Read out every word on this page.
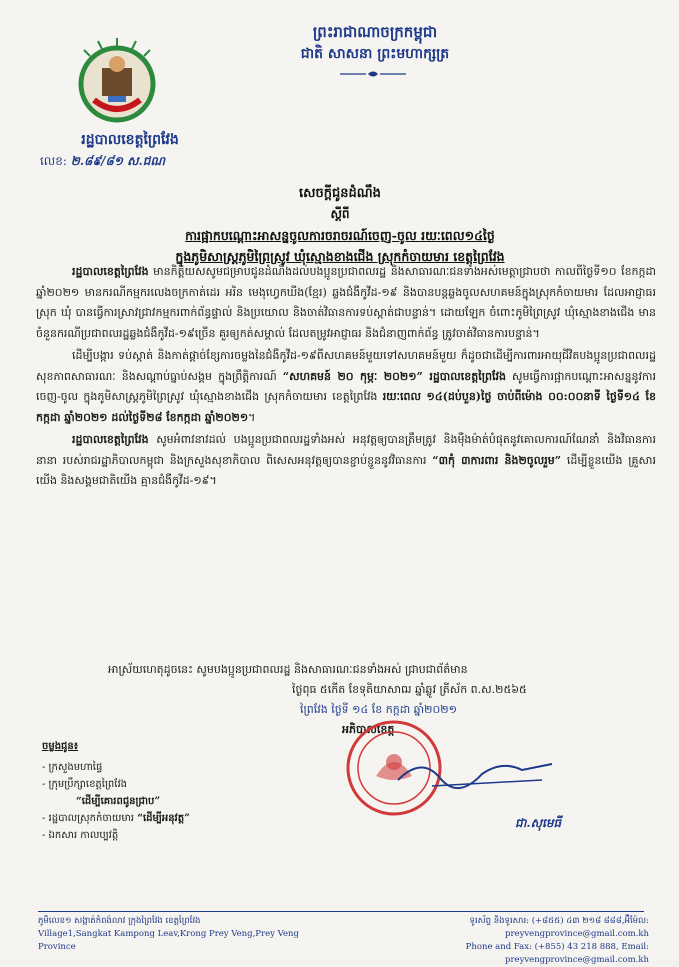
ព្រះរាជាណាចក្រកម្ពុជា
ជាតិ សាសនា ព្រះមហាក្សត្រ
រដ្ឋបាលខេត្តព្រៃវែង
លេខ: ២.៨៩/៨១ ស.ជណ
សេចក្ដីជូនដំណឹង
ស្ដីពី
ការផ្អាកបណ្ដោះអាសន្នចូលការចរាចរណ៍ចេញ-ចូល រយៈពេល១៤ថ្ងៃ
ក្នុងភូមិសាស្ត្រភូមិព្រៃស្រូវ ឃុំស្មោងខាងជើង ស្រុកកំចាយមារ ខេត្តព្រៃវែង

រដ្ឋបាលខេត្តព្រៃវែង មានកិត្តិយសសូមជម្រាបជូនដំណឹងដល់បងប្អូនប្រជាពលរដ្ឋ និងសាធារណៈជនទាំងអស់មេត្តាជ្រាបថា កាលពីថ្ងៃទី១០ ខែកក្កដា ឆ្នាំ២០២១ មានករណីកម្មករលេងចក្រកាត់ដេរ អរិន មេងុហ្វេកឃីង(ខ្មែរ) ឆ្លងជំងឺកូវីដ-១៩ និងបានបន្តឆ្លងចូលសហគមន៍ក្នុងស្រុកកំចាយមារ ដែលអាជ្ញាធរស្រុក ឃុំ បានធ្វើការស្រាវជ្រាវកម្មករពាក់ព័ន្ធផ្ទាល់ និងប្រយោល និងចាត់វិធានការទប់ស្កាត់ជាបន្ទាន់។ ដោយឡែក ចំពោះភូមិព្រៃស្រូវ ឃុំស្មោងខាងជើង មានចំនួនករណីប្រជាពលរដ្ឋឆ្លងជំងឺកូវីដ-១៩ច្រើន គួរឲ្យកត់សម្គាល់ ដែលតម្រូវអាជ្ញាធរ និងជំនាញពាក់ព័ន្ធ ត្រូវចាត់វិធានការបន្ទាន់។

ដើម្បីបង្ការ ទប់ស្កាត់ និងកាត់ផ្ដាច់ខ្សែការចម្លងនៃជំងឺកូវីដ-១៩ពីសហគមន៍មួយទៅសហគមន៍មួយ ក៏ដូចជាដើម្បីការពារអាយុជីវិតបងប្អូនប្រជាពលរដ្ឋ សុខភាពសាធារណៈ និងសណ្ដាប់ធ្នាប់សង្គម ក្នុងព្រឹត្តិការណ៍ “សហគមន៍ ២០ កុម្ភៈ ២០២១” រដ្ឋបាលខេត្តព្រៃវែង សូមធ្វើការផ្អាកបណ្ដោះអាសន្ននូវការចេញ-ចូល ក្នុងភូមិសាស្ត្រភូមិព្រៃស្រូវ ឃុំស្មោងខាងជើង ស្រុកកំចាយមារ ខេត្តព្រៃវែង រយៈពេល ១៤(ដប់បួន)ថ្ងៃ ចាប់ពីម៉ោង ០០:០០នាទី ថ្ងៃទី១៤ ខែកក្កដា ឆ្នាំ២០២១ ដល់ថ្ងៃទី២៨ ខែកក្កដា ឆ្នាំ២០២១។

រដ្ឋបាលខេត្តព្រៃវែង សូមអំពាវនាវដល់ បងប្អូនប្រជាពលរដ្ឋទាំងអស់ អនុវត្តឲ្យបានត្រឹមត្រូវ និងម៉ឺងម៉ាត់បំផុតនូវគោលការណ៍ណែនាំ និងវិធានការនានា របស់រាជរដ្ឋាភិបាលកម្ពុជា និងក្រសួងសុខាភិបាល ពិសេសអនុវត្តឲ្យបានខ្ជាប់ខ្ជួននូវវិធានការ “៣កុំ ៣ការពារ និង២ចូលរួម” ដើម្បីខ្លួនយើង គ្រួសារយើង និងសង្គមជាតិយើង គ្មានជំងឺកូវីដ-១៩។

អាស្រ័យហេតុដូចនេះ សូមបងប្អូនប្រជាពលរដ្ឋ និងសាធារណៈជនទាំងអស់ ជ្រាបជាព័ត៌មាន
ថ្ងៃពុធ ៥កើត ខែទុតិយាសាឍ ឆ្នាំឆ្លូវ ត្រីស័ក ព.ស.២៥៦៥
ព្រៃវែង ថ្ងៃទី ១៤ ខែ កក្កដា ឆ្នាំ២០២១
អភិបាលខេត្ត
ជា.សុមេធី
ចម្លងជូន៖
- ក្រសួងមហាផ្ទៃ
- ក្រុមប្រឹក្សាខេត្តព្រៃវែង
“ដើម្បីគោរពជូនជ្រាប”
- រដ្ឋបាលស្រុកកំចាយមារ “ដើម្បីអនុវត្ត”
- ឯកសារ កាលប្បវត្តិ
ភូមិលេខ១ សង្កាត់កំពង់លាវ ក្រុងព្រៃវែង ខេត្តព្រៃវែង
Village1,Sangkat Kampong Leav,Krong Prey Veng,Prey Veng Province
ទូរស័ព្ទ និងទូរសារ: (+៨៥៥) ៤៣ ២១៨ ៨៨៨,អ៊ីម៉ែល: preyvengprovince@gmail.com.kh
Phone and Fax: (+855) 43 218 888, Email: preyvengprovince@gmail.com.kh
